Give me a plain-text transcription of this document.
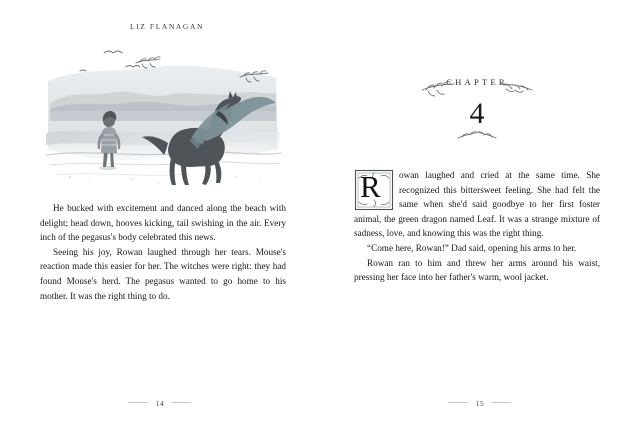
LIZ FLANAGAN

He bucked with excitement and danced along the beach with delight; head down, hooves kicking, tail swishing in the air. Every inch of the pegasus's body celebrated this news.

Seeing his joy, Rowan laughed through her tears. Mouse's reaction made this easier for her. The witches were right: they had found Mouse's herd. The pegasus wanted to go home to his mother. It was the right thing to do.

⸻ 14 ⸻
CHAPTER
4
R	owan laughed and cried at the same time. She recognized this bittersweet feeling. She had felt the same when she'd said goodbye to her first foster animal, the green dragon named Leaf. It was a strange mixture of sadness, love, and knowing this was the right thing.

“Come here, Rowan!” Dad said, opening his arms to her.

Rowan ran to him and threw her arms around his waist, pressing her face into her father's warm, wool jacket.

⸻ 15 ⸻
